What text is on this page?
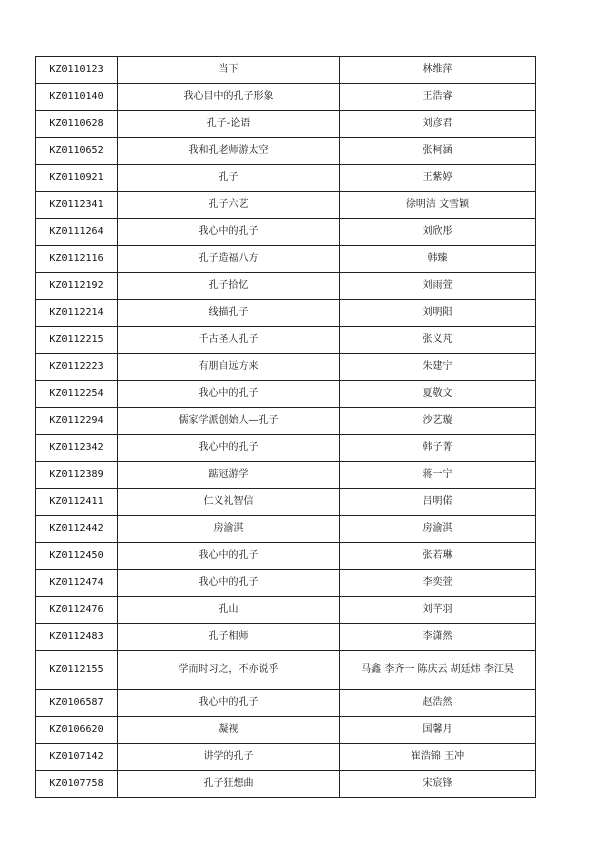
KZ0110123	当下	林维萍
KZ0110140	我心目中的孔子形象	王浩睿
KZ0110628	孔子-论语	刘彦君
KZ0110652	我和孔老师游太空	张柯涵
KZ0110921	孔子	王紫婷
KZ0112341	孔子六艺	徐明洁 文雪颖
KZ0111264	我心中的孔子	刘欣彤
KZ0112116	孔子造福八方	韩臻
KZ0112192	孔子拾忆	刘雨萱
KZ0112214	线描孔子	刘明阳
KZ0112215	千古圣人孔子	张义芃
KZ0112223	有朋自远方来	朱建宁
KZ0112254	我心中的孔子	夏敬文
KZ0112294	儒家学派创始人—孔子	沙艺璇
KZ0112342	我心中的孔子	韩子菁
KZ0112389	踮冠游学	蒋一宁
KZ0112411	仁义礼智信	吕明偌
KZ0112442	房渝淇	房渝淇
KZ0112450	我心中的孔子	张若琳
KZ0112474	我心中的孔子	李奕萱
KZ0112476	孔山	刘芊羽
KZ0112483	孔子相师	李潇然
KZ0112155	学而时习之，不亦说乎	马鑫 李齐一 陈庆云 胡廷炜 李江昊
KZ0106587	我心中的孔子	赵浩然
KZ0106620	凝视	国馨月
KZ0107142	讲学的孔子	崔浩锦 王冲
KZ0107758	孔子狂想曲	宋宸锋
